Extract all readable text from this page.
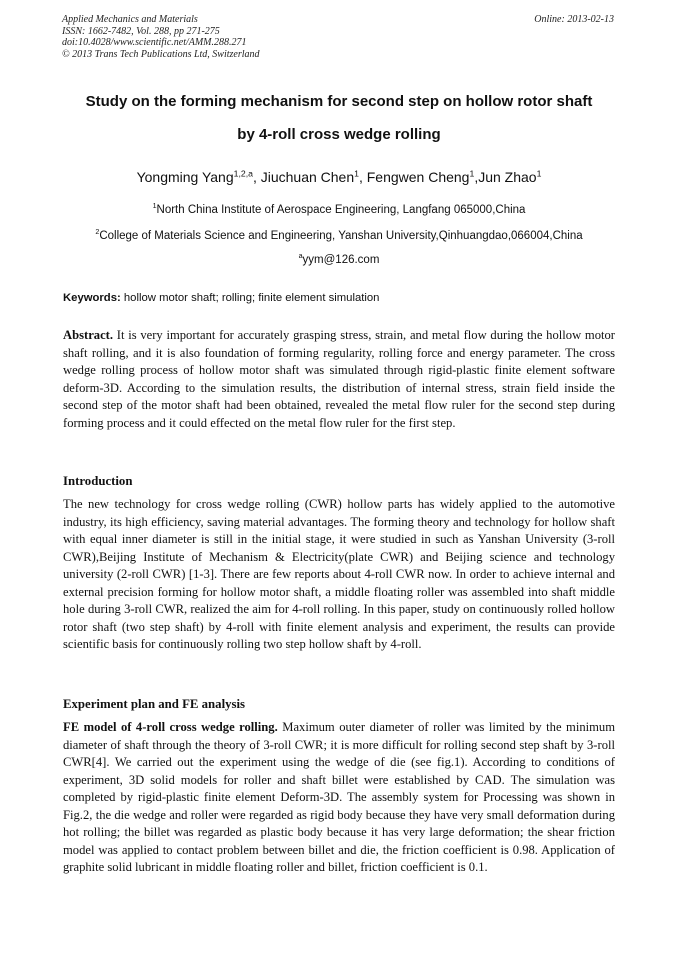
Applied Mechanics and Materials
ISSN: 1662-7482, Vol. 288, pp 271-275
doi:10.4028/www.scientific.net/AMM.288.271
© 2013 Trans Tech Publications Ltd, Switzerland
Online: 2013-02-13
Study on the forming mechanism for second step on hollow rotor shaft
by 4-roll cross wedge rolling
Yongming Yang$^{1,2,a}$, Jiuchuan Chen$^1$, Fengwen Cheng$^1$,Jun Zhao$^1$
$^1$North China Institute of Aerospace Engineering, Langfang 065000,China
$^2$College of Materials Science and Engineering, Yanshan University,Qinhuangdao,066004,China
$^a$yym@126.com
Keywords: hollow motor shaft; rolling; finite element simulation
Abstract. It is very important for accurately grasping stress, strain, and metal flow during the hollow motor shaft rolling, and it is also foundation of forming regularity, rolling force and energy parameter. The cross wedge rolling process of hollow motor shaft was simulated through rigid-plastic finite element software deform-3D. According to the simulation results, the distribution of internal stress, strain field inside the second step of the motor shaft had been obtained, revealed the metal flow ruler for the second step during forming process and it could effected on the metal flow ruler for the first step.
Introduction
The new technology for cross wedge rolling (CWR) hollow parts has widely applied to the automotive industry, its high efficiency, saving material advantages. The forming theory and technology for hollow shaft with equal inner diameter is still in the initial stage, it were studied in such as Yanshan University (3-roll CWR),Beijing Institute of Mechanism & Electricity(plate CWR) and Beijing science and technology university (2-roll CWR) [1-3]. There are few reports about 4-roll CWR now. In order to achieve internal and external precision forming for hollow motor shaft, a middle floating roller was assembled into shaft middle hole during 3-roll CWR, realized the aim for 4-roll rolling. In this paper, study on continuously rolled hollow rotor shaft (two step shaft) by 4-roll with finite element analysis and experiment, the results can provide scientific basis for continuously rolling two step hollow shaft by 4-roll.
Experiment plan and FE analysis
FE model of 4-roll cross wedge rolling. Maximum outer diameter of roller was limited by the minimum diameter of shaft through the theory of 3-roll CWR; it is more difficult for rolling second step shaft by 3-roll CWR[4]. We carried out the experiment using the wedge of die (see fig.1). According to conditions of experiment, 3D solid models for roller and shaft billet were established by CAD. The simulation was completed by rigid-plastic finite element Deform-3D. The assembly system for Processing was shown in Fig.2, the die wedge and roller were regarded as rigid body because they have very small deformation during hot rolling; the billet was regarded as plastic body because it has very large deformation; the shear friction model was applied to contact problem between billet and die, the friction coefficient is 0.98. Application of graphite solid lubricant in middle floating roller and billet, friction coefficient is 0.1.
